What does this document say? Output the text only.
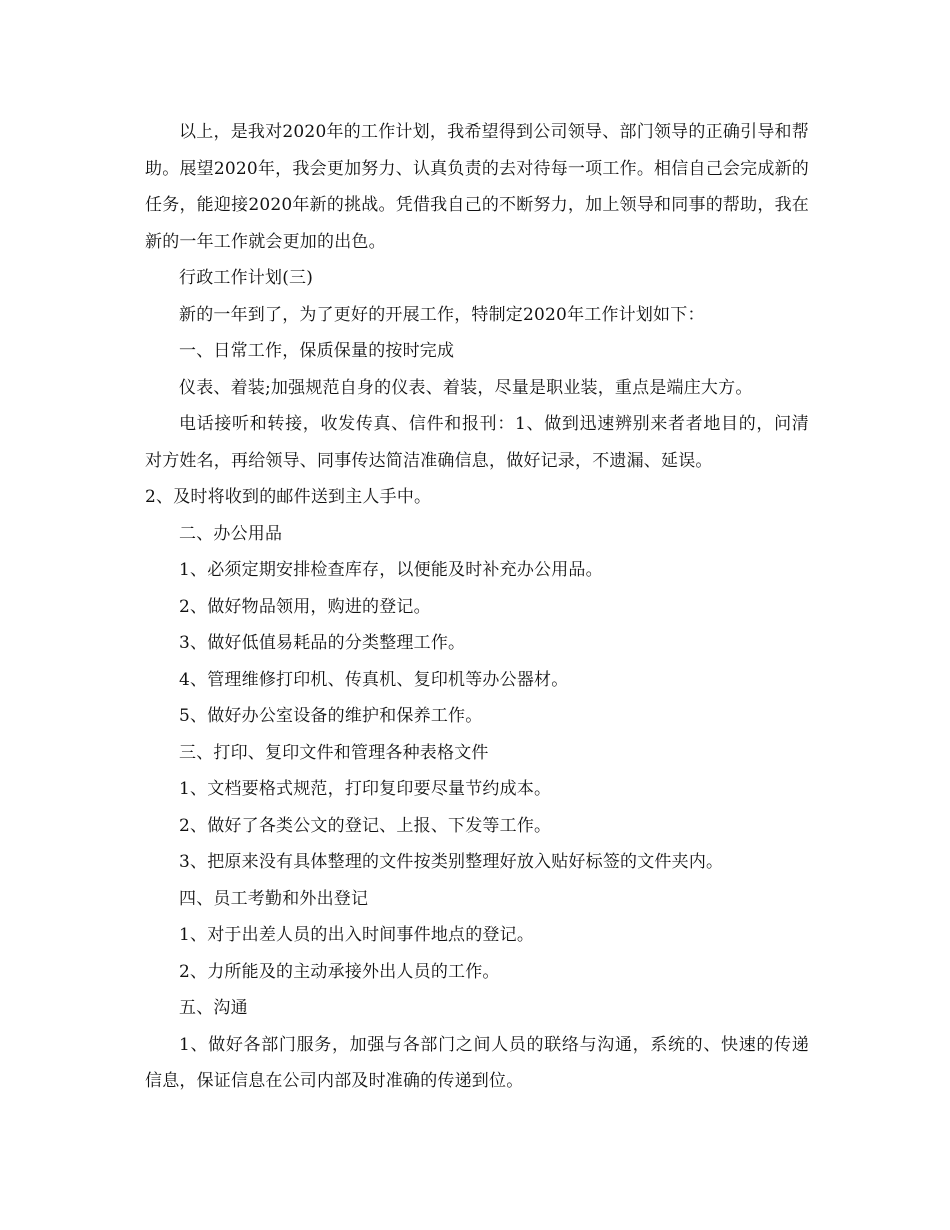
以上，是我对2020年的工作计划，我希望得到公司领导、部门领导的正确引导和帮助。展望2020年，我会更加努力、认真负责的去对待每一项工作。相信自己会完成新的任务，能迎接2020年新的挑战。凭借我自己的不断努力，加上领导和同事的帮助，我在新的一年工作就会更加的出色。

行政工作计划(三)

新的一年到了，为了更好的开展工作，特制定2020年工作计划如下：

一、日常工作，保质保量的按时完成

仪表、着装;加强规范自身的仪表、着装，尽量是职业装，重点是端庄大方。

电话接听和转接，收发传真、信件和报刊：1、做到迅速辨别来者者地目的，问清对方姓名，再给领导、同事传达简洁准确信息，做好记录，不遗漏、延误。

2、及时将收到的邮件送到主人手中。

二、办公用品

1、必须定期安排检查库存，以便能及时补充办公用品。

2、做好物品领用，购进的登记。

3、做好低值易耗品的分类整理工作。

4、管理维修打印机、传真机、复印机等办公器材。

5、做好办公室设备的维护和保养工作。

三、打印、复印文件和管理各种表格文件

1、文档要格式规范，打印复印要尽量节约成本。

2、做好了各类公文的登记、上报、下发等工作。

3、把原来没有具体整理的文件按类别整理好放入贴好标签的文件夹内。

四、员工考勤和外出登记

1、对于出差人员的出入时间事件地点的登记。

2、力所能及的主动承接外出人员的工作。

五、沟通

1、做好各部门服务，加强与各部门之间人员的联络与沟通，系统的、快速的传递信息，保证信息在公司内部及时准确的传递到位。
